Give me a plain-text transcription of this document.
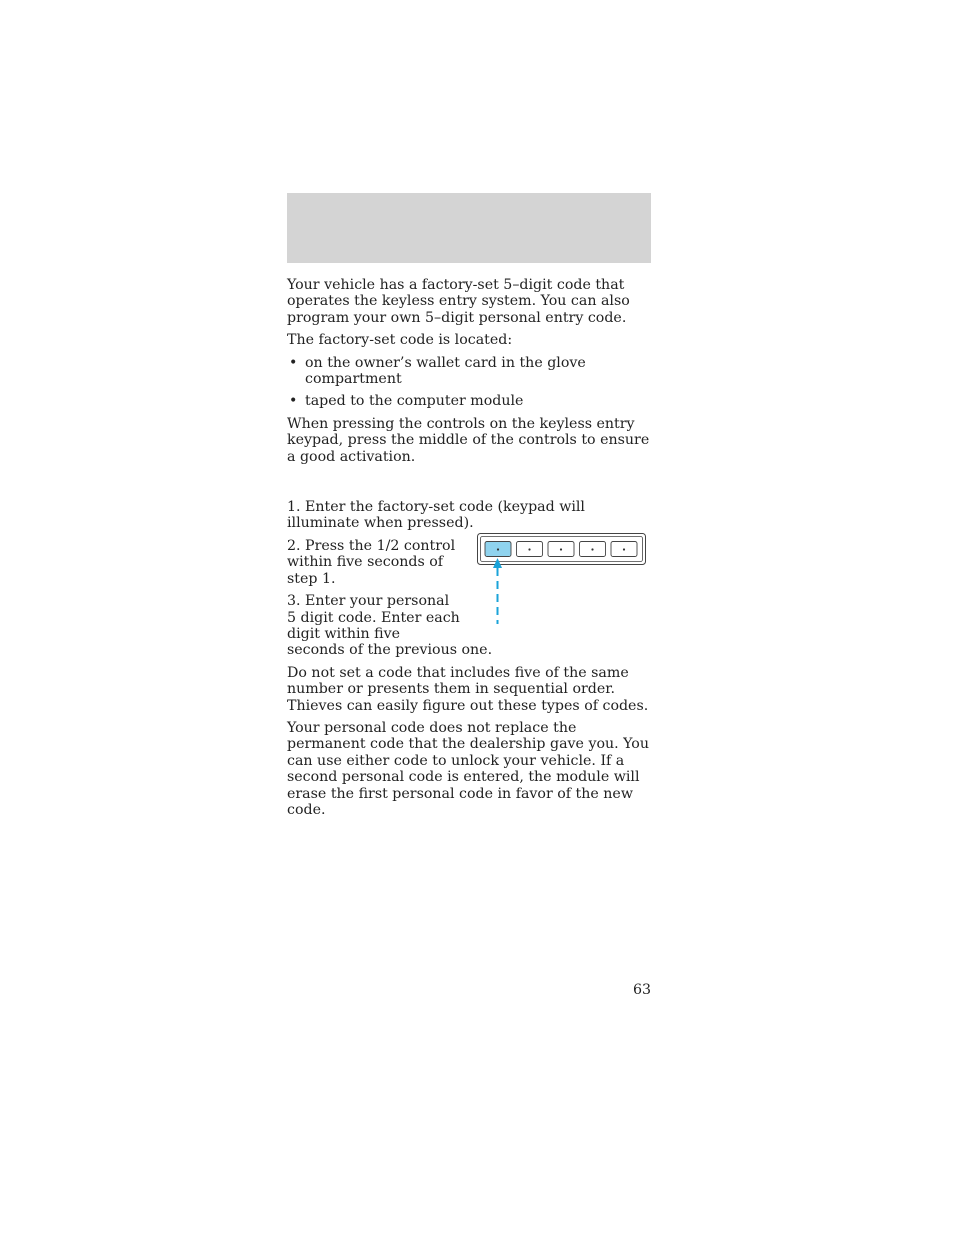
Your vehicle has a factory-set 5–digit code that operates the keyless entry system. You can also program your own 5–digit personal entry code.

The factory-set code is located:

• on the owner’s wallet card in the glove compartment
• taped to the computer module

When pressing the controls on the keyless entry keypad, press the middle of the controls to ensure a good activation.

1. Enter the factory-set code (keypad will illuminate when pressed).

2. Press the 1/2 control within five seconds of step 1.

3. Enter your personal 5 digit code. Enter each digit within five

seconds of the previous one.

Do not set a code that includes five of the same number or presents them in sequential order. Thieves can easily figure out these types of codes.

Your personal code does not replace the permanent code that the dealership gave you. You can use either code to unlock your vehicle. If a second personal code is entered, the module will erase the first personal code in favor of the new code.

63
